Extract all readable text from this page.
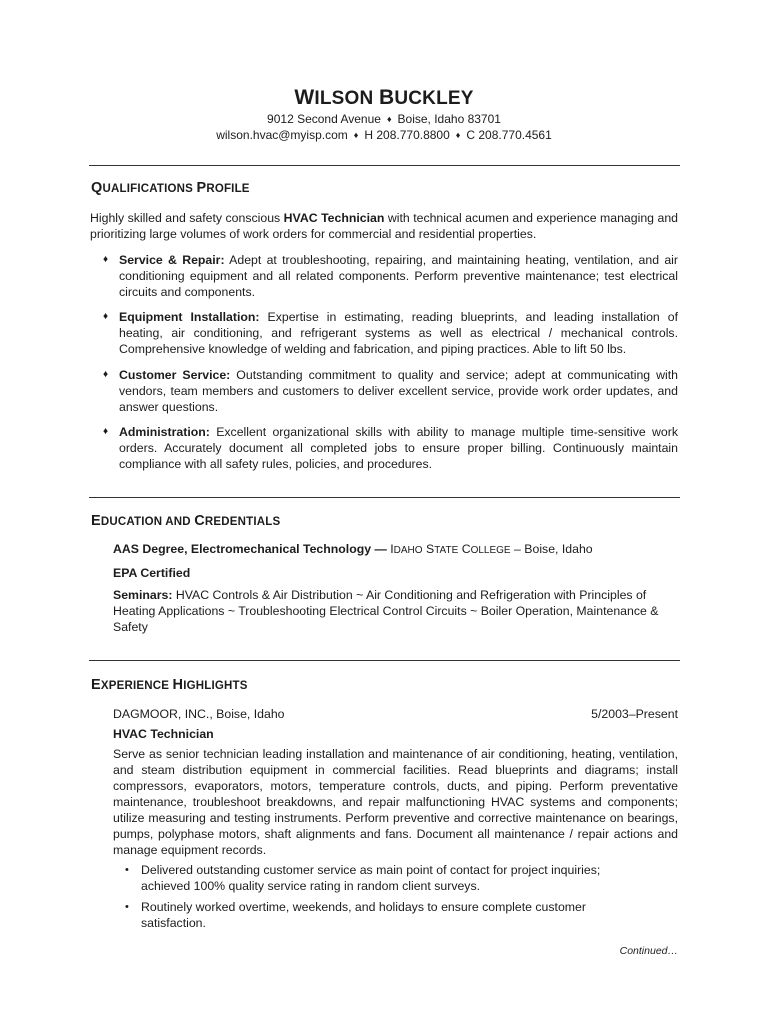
WILSON BUCKLEY
9012 Second Avenue ♦ Boise, Idaho 83701
wilson.hvac@myisp.com ♦ H 208.770.8800 ♦ C 208.770.4561
QUALIFICATIONS PROFILE
Highly skilled and safety conscious HVAC Technician with technical acumen and experience managing and prioritizing large volumes of work orders for commercial and residential properties.
♦ Service & Repair: Adept at troubleshooting, repairing, and maintaining heating, ventilation, and air conditioning equipment and all related components. Perform preventive maintenance; test electrical circuits and components.
♦ Equipment Installation: Expertise in estimating, reading blueprints, and leading installation of heating, air conditioning, and refrigerant systems as well as electrical / mechanical controls. Comprehensive knowledge of welding and fabrication, and piping practices. Able to lift 50 lbs.
♦ Customer Service: Outstanding commitment to quality and service; adept at communicating with vendors, team members and customers to deliver excellent service, provide work order updates, and answer questions.
♦ Administration: Excellent organizational skills with ability to manage multiple time-sensitive work orders. Accurately document all completed jobs to ensure proper billing. Continuously maintain compliance with all safety rules, policies, and procedures.
EDUCATION AND CREDENTIALS
AAS Degree, Electromechanical Technology — IDAHO STATE COLLEGE – Boise, Idaho
EPA Certified
Seminars: HVAC Controls & Air Distribution ~ Air Conditioning and Refrigeration with Principles of Heating Applications ~ Troubleshooting Electrical Control Circuits ~ Boiler Operation, Maintenance & Safety
EXPERIENCE HIGHLIGHTS
DAGMOOR, INC., Boise, Idaho	5/2003–Present
HVAC Technician
Serve as senior technician leading installation and maintenance of air conditioning, heating, ventilation, and steam distribution equipment in commercial facilities. Read blueprints and diagrams; install compressors, evaporators, motors, temperature controls, ducts, and piping. Perform preventative maintenance, troubleshoot breakdowns, and repair malfunctioning HVAC systems and components; utilize measuring and testing instruments. Perform preventive and corrective maintenance on bearings, pumps, polyphase motors, shaft alignments and fans. Document all maintenance / repair actions and manage equipment records.
• Delivered outstanding customer service as main point of contact for project inquiries; achieved 100% quality service rating in random client surveys.
• Routinely worked overtime, weekends, and holidays to ensure complete customer satisfaction.
Continued…
